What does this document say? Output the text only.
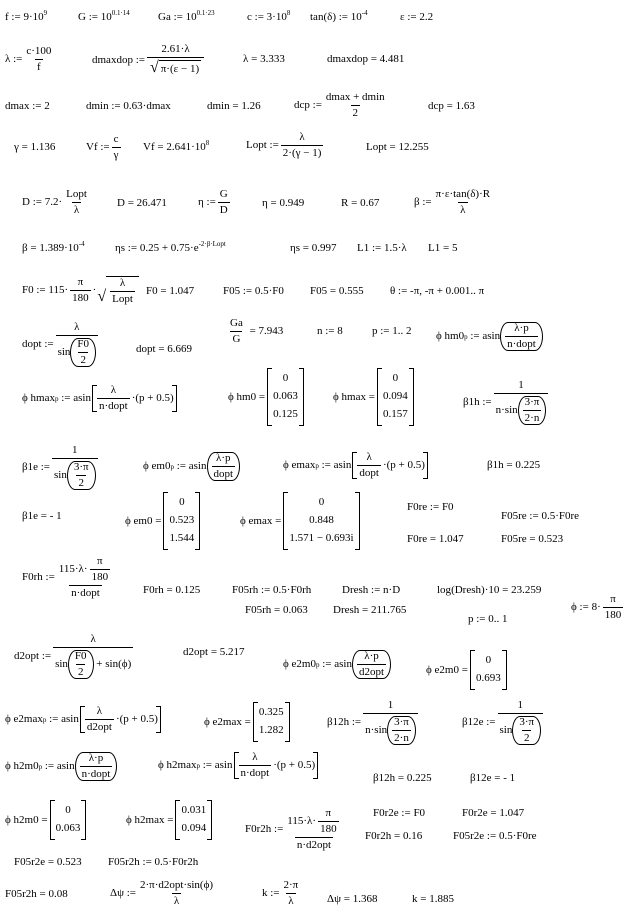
f := $9\cdot 10^9$	G := $10^{0.1\cdot 14}$	Ga := $10^{0.1\cdot 23}$	c := $3\cdot 10^8$ tan(δ) := $10^{-4}$	ε := 2.2
λ
:= $\frac{c\cdot 100}{f}$	dmaxdop
:= $\frac{2.61\cdot\lambda}{√ \pi\cdot(\varepsilon - 1)}$	λ = 3.333	dmaxdop = 4.481
dmax := 2	dmin := 0.63·dmax	dmin = 1.26	dcp
:=
dmax + dmin
2
dcp = 1.63
γ = 1.136	Vf
:= $\frac{c}{\gamma}$ $Vf = 2.641\cdot 10^8$	Lopt
:= $\frac{\lambda}{2\cdot(\gamma - 1)}$	Lopt = 12.255
D
:=
7.2 ·
Lopt
λ
D = 26.471	η
:= $\frac{G}{D}$	η = 0.949	R = 0.67	β
:= $\frac{\pi\cdot\varepsilon\cdot\tan(\delta)\cdot R}{\lambda}$
$\beta = 1.389\cdot 10^{-4}$	ηs := $0.25 + 0.75\cdot e^{-2\cdot\beta\cdot Lopt}$	ηs = 0.997 L1 := 1.5·λ L1 = 5
F0
:=
115 ·
π
180
· √
λ
Lopt
F0 = 1.047	F05 := 0.5·F0 F05 = 0.555 θ := -π, -π + 0.001.. π
dopt
:= λ
sin
F0
2	dopt = 6.669
$\frac{Ga}{G}$
=
7.943	n := 8	p := 1.. 2 ϕ
hm0 p
:=
asin
λ·p
n·dopt
ϕ
hmax p
:=
asin
λ
n·dopt
·(p + 0.5)	ϕ
hm0
=
0
0.063
0.125
ϕ
hmax
=
0
0.094
0.157
β1h
:= 1
n·sin
3·π
2·n
β1e
:= 1
sin
3·π
2	ϕ
em0 p
:=
asin
λ·p
dopt
ϕ
emax p
:=
asin
λ
dopt
·(p + 0.5)	β1h = 0.225
β1e = - 1	ϕ
em0
=
0
0.523
1.544
ϕ
emax
=
0
0.848
1.571 − 0.693i
F0re := F0
F05re := 0.5·F0re
F0re = 1.047	F05re = 0.523
F0rh
:=
$115\cdot\lambda\cdot \frac{\pi}{180}$
n·dopt	F0rh = 0.125	F05rh := 0.5·F0rh	Dresh := n·D	log(Dresh)·10 = 23.259
F05rh = 0.063 Dresh = 211.765
p := 0.. 1
ϕ
:=
8·
π
180
d2opt
:= λ
sin
F0
2
+ sin(ϕ)	d2opt = 5.217
ϕ
e2m0 p
:=
asin
λ·p
d2opt	ϕ
e2m0
=
0
0.693
ϕ
e2max p
:=
asin
λ
d2opt
·(p + 0.5)	ϕ
e2max
=
0.325
1.282
β12h
:= 1
n·sin
3·π
2·n	β12e
:= 1
sin
3·π
2
ϕ
h2m0 p
:=
asin
λ·p
n·dopt
ϕ
h2max p
:=
asin
λ
n·dopt
·(p + 0.5)
β12h = 0.225	β12e = - 1
ϕ
h2m0
=
0
0.063
ϕ
h2max
=
0.031
0.094	F0r2h
:=
$115\cdot\lambda\cdot \frac{\pi}{180}$
n·d2opt
F0r2e := F0	F0r2e = 1.047
F0r2h = 0.16	F05r2e := 0.5·F0re
F05r2e = 0.523 F05r2h := 0.5·F0r2h
F05r2h = 0.08	Δψ
:=
2·π·d2opt·sin(ϕ)
λ
k
:= $\frac{2\cdot\pi}{\lambda}$ Δψ = 1.368	k = 1.885
